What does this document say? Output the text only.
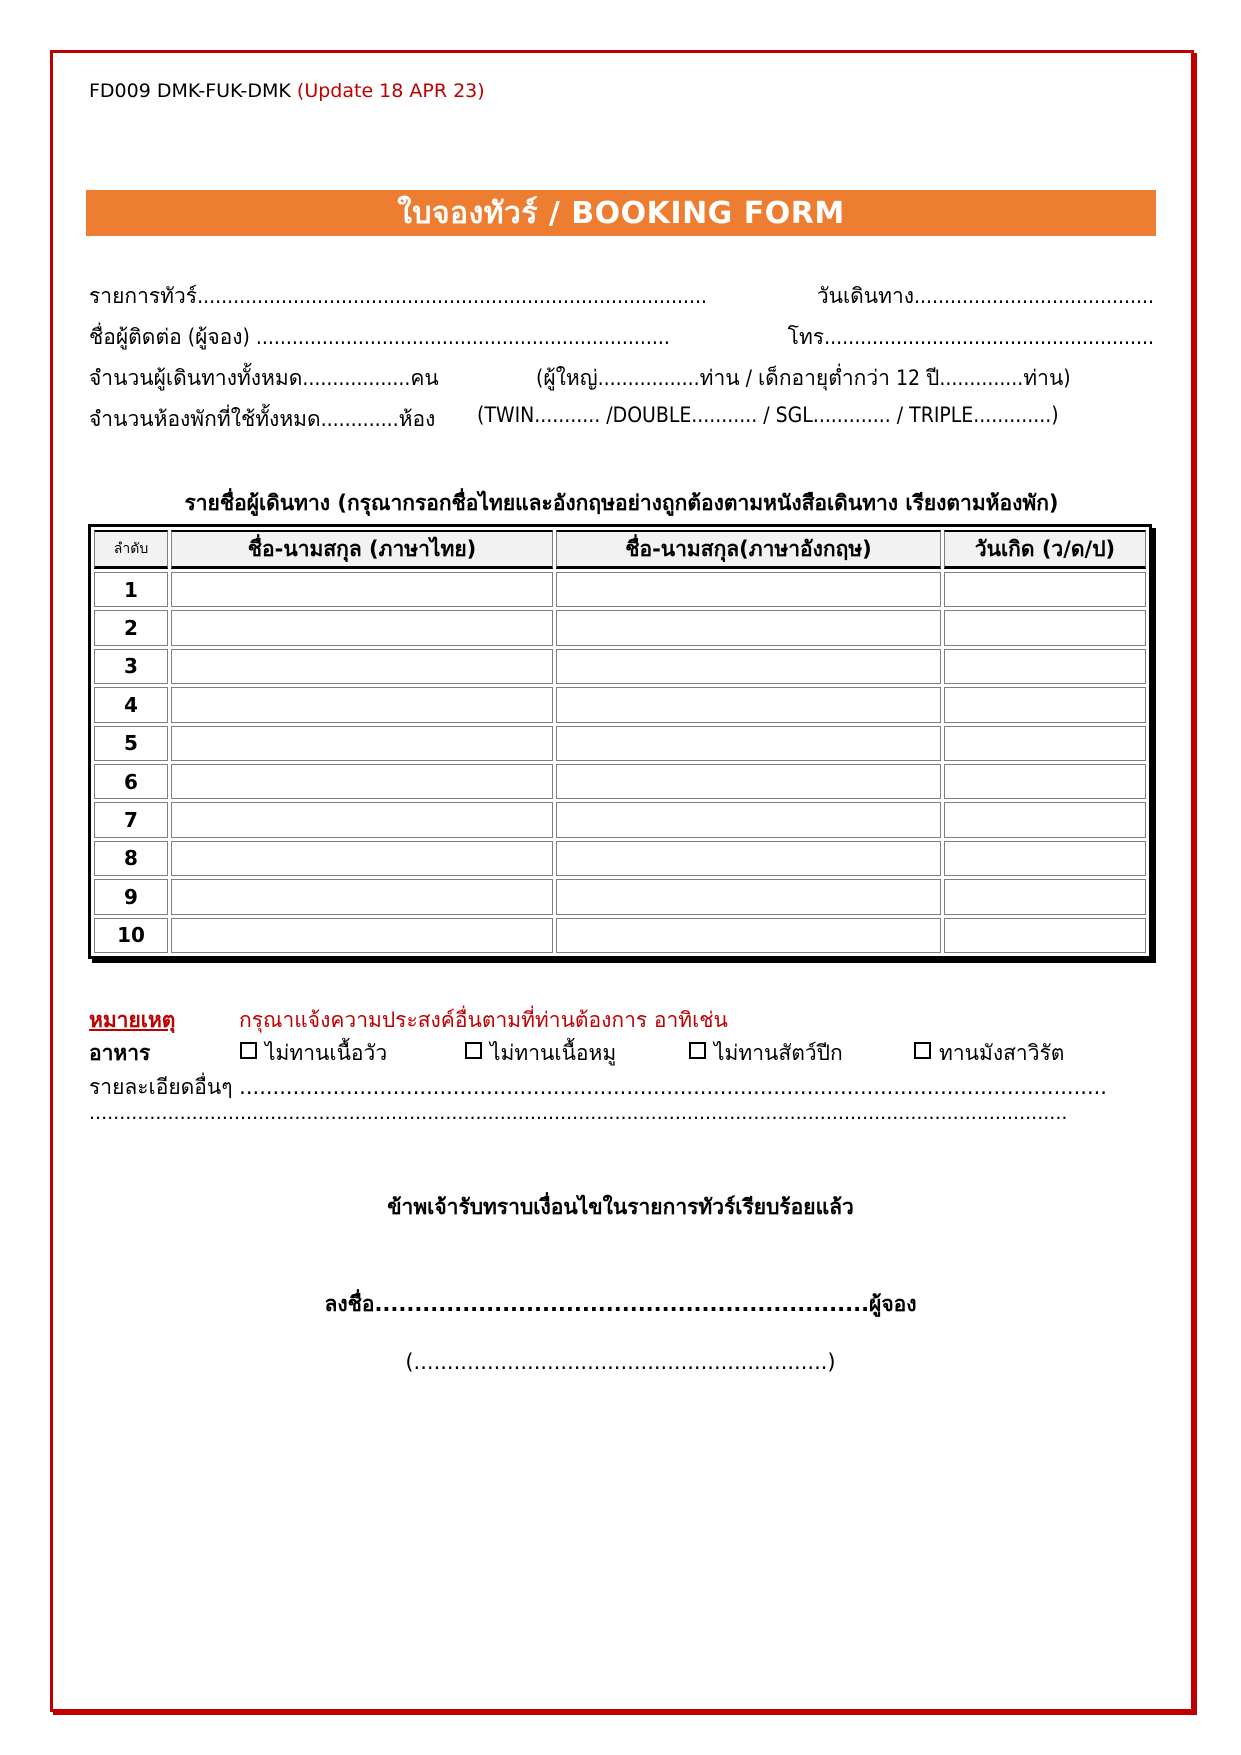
FD009 DMK-FUK-DMK (Update 18 APR 23)
ใบจองทัวร์ / BOOKING FORM
รายการทัวร์.....................................................................................	วันเดินทาง........................................
ชื่อผู้ติดต่อ (ผู้จอง) .....................................................................	โทร.......................................................
จำนวนผู้เดินทางทั้งหมด..................คน	(ผู้ใหญ่.................ท่าน / เด็กอายุต่ำกว่า 12 ปี..............ท่าน)
จำนวนห้องพักที่ใช้ทั้งหมด.............ห้อง (TWIN........... /DOUBLE........... / SGL............. / TRIPLE.............)
รายชื่อผู้เดินทาง (กรุณากรอกชื่อไทยและอังกฤษอย่างถูกต้องตามหนังสือเดินทาง เรียงตามห้องพัก)
ลำดับ	ชื่อ-นามสกุล (ภาษาไทย)	ชื่อ-นามสกุล(ภาษาอังกฤษ)	วันเกิด (ว/ด/ป)
1			
2			
3			
4			
5			
6			
7			
8			
9			
10			
หมายเหตุ	กรุณาแจ้งความประสงค์อื่นตามที่ท่านต้องการ อาทิเช่น
อาหาร	ไม่ทานเนื้อวัว	ไม่ทานเนื้อหมู	ไม่ทานสัตว์ปีก	ทานมังสาวิรัต
รายละเอียดอื่นๆ ..................................................................................................................................
..................................................................................................................................................................
ข้าพเจ้ารับทราบเงื่อนไขในรายการทัวร์เรียบร้อยแล้ว
ลงชื่อ..............................................................ผู้จอง
(..............................................................)
